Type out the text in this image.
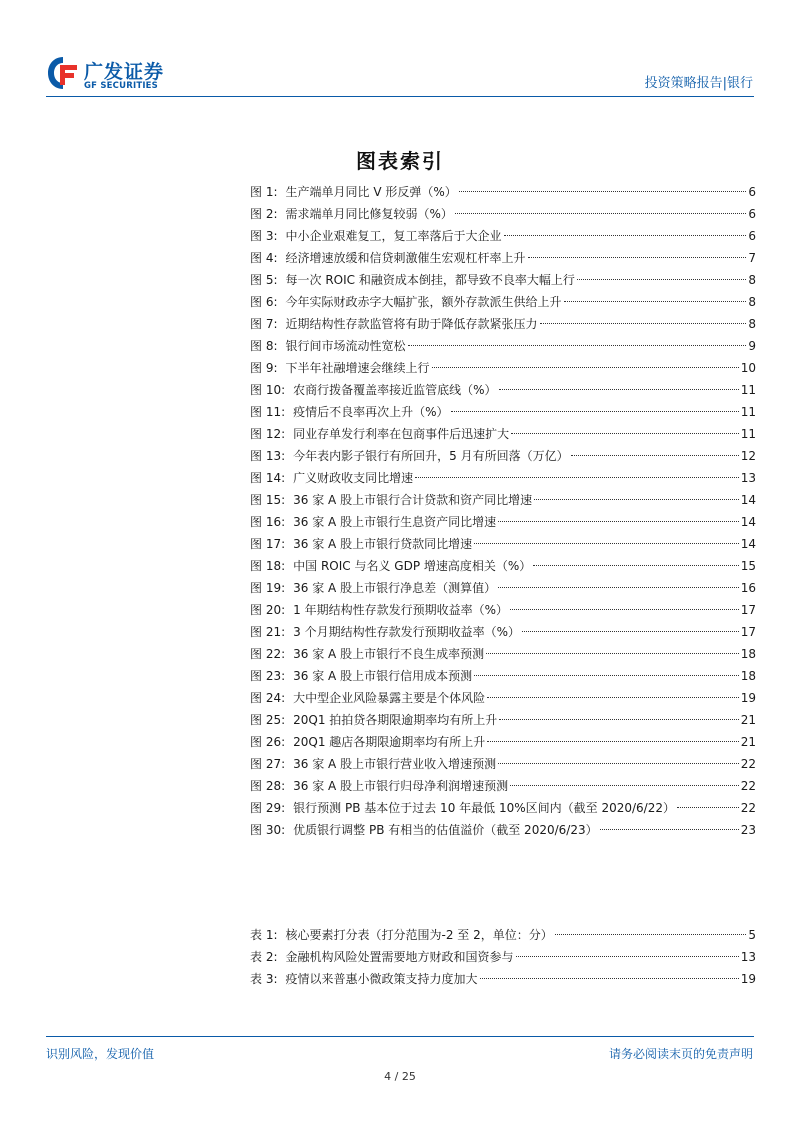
广发证券
GF SECURITIES	投资策略报告|银行
图表索引
图 1: 生产端单月同比 V 形反弹（%）	6
图 2: 需求端单月同比修复较弱（%）	6
图 3: 中小企业艰难复工，复工率落后于大企业	6
图 4: 经济增速放缓和信贷刺激催生宏观杠杆率上升	7
图 5: 每一次 ROIC 和融资成本倒挂，都导致不良率大幅上行	8
图 6: 今年实际财政赤字大幅扩张，额外存款派生供给上升	8
图 7: 近期结构性存款监管将有助于降低存款紧张压力	8
图 8: 银行间市场流动性宽松	9
图 9: 下半年社融增速会继续上行	10
图 10: 农商行拨备覆盖率接近监管底线（%）	11
图 11: 疫情后不良率再次上升（%）	11
图 12: 同业存单发行利率在包商事件后迅速扩大	11
图 13: 今年表内影子银行有所回升，5 月有所回落（万亿）	12
图 14: 广义财政收支同比增速	13
图 15: 36 家 A 股上市银行合计贷款和资产同比增速	14
图 16: 36 家 A 股上市银行生息资产同比增速	14
图 17: 36 家 A 股上市银行贷款同比增速	14
图 18: 中国 ROIC 与名义 GDP 增速高度相关（%）	15
图 19: 36 家 A 股上市银行净息差（测算值）	16
图 20: 1 年期结构性存款发行预期收益率（%）	17
图 21: 3 个月期结构性存款发行预期收益率（%）	17
图 22: 36 家 A 股上市银行不良生成率预测	18
图 23: 36 家 A 股上市银行信用成本预测	18
图 24: 大中型企业风险暴露主要是个体风险	19
图 25: 20Q1 拍拍贷各期限逾期率均有所上升	21
图 26: 20Q1 趣店各期限逾期率均有所上升	21
图 27: 36 家 A 股上市银行营业收入增速预测	22
图 28: 36 家 A 股上市银行归母净利润增速预测	22
图 29: 银行预测 PB 基本位于过去 10 年最低 10%区间内（截至 2020/6/22）	22
图 30: 优质银行调整 PB 有相当的估值溢价（截至 2020/6/23）	23
表 1: 核心要素打分表（打分范围为-2 至 2，单位：分）	5
表 2: 金融机构风险处置需要地方财政和国资参与	13
表 3: 疫情以来普惠小微政策支持力度加大	19
识别风险，发现价值	请务必阅读末页的免责声明
4 / 25
